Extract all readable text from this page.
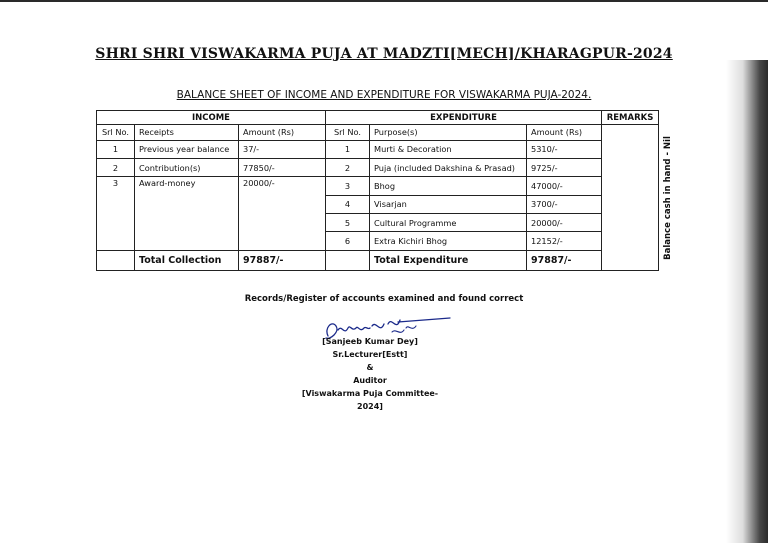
SHRI SHRI VISWAKARMA PUJA AT MADZTI[MECH]/KHARAGPUR-2024
BALANCE SHEET OF INCOME AND EXPENDITURE FOR VISWAKARMA PUJA-2024.
INCOME			EXPENDITURE			REMARKS
Srl No.	Receipts	Amount (Rs)	Srl No.	Purpose(s)	Amount (Rs)	Balance cash in hand - Nil
1	Previous year balance	37/-	1	Murti & Decoration	5310/-	
2	Contribution(s)	77850/-	2	Puja (included Dakshina & Prasad)	9725/-	
3	Award-money	20000/-	3	Bhog	47000/-	
			4	Visarjan	3700/-	
			5	Cultural Programme	20000/-	
			6	Extra Kichiri Bhog	12152/-	
	Total Collection	97887/-		Total Expenditure	97887/-	
Records/Register of accounts examined and found correct

[Sanjeeb Kumar Dey]

Sr.Lecturer[Estt]

&

Auditor

[Viswakarma Puja Committee-2024]
